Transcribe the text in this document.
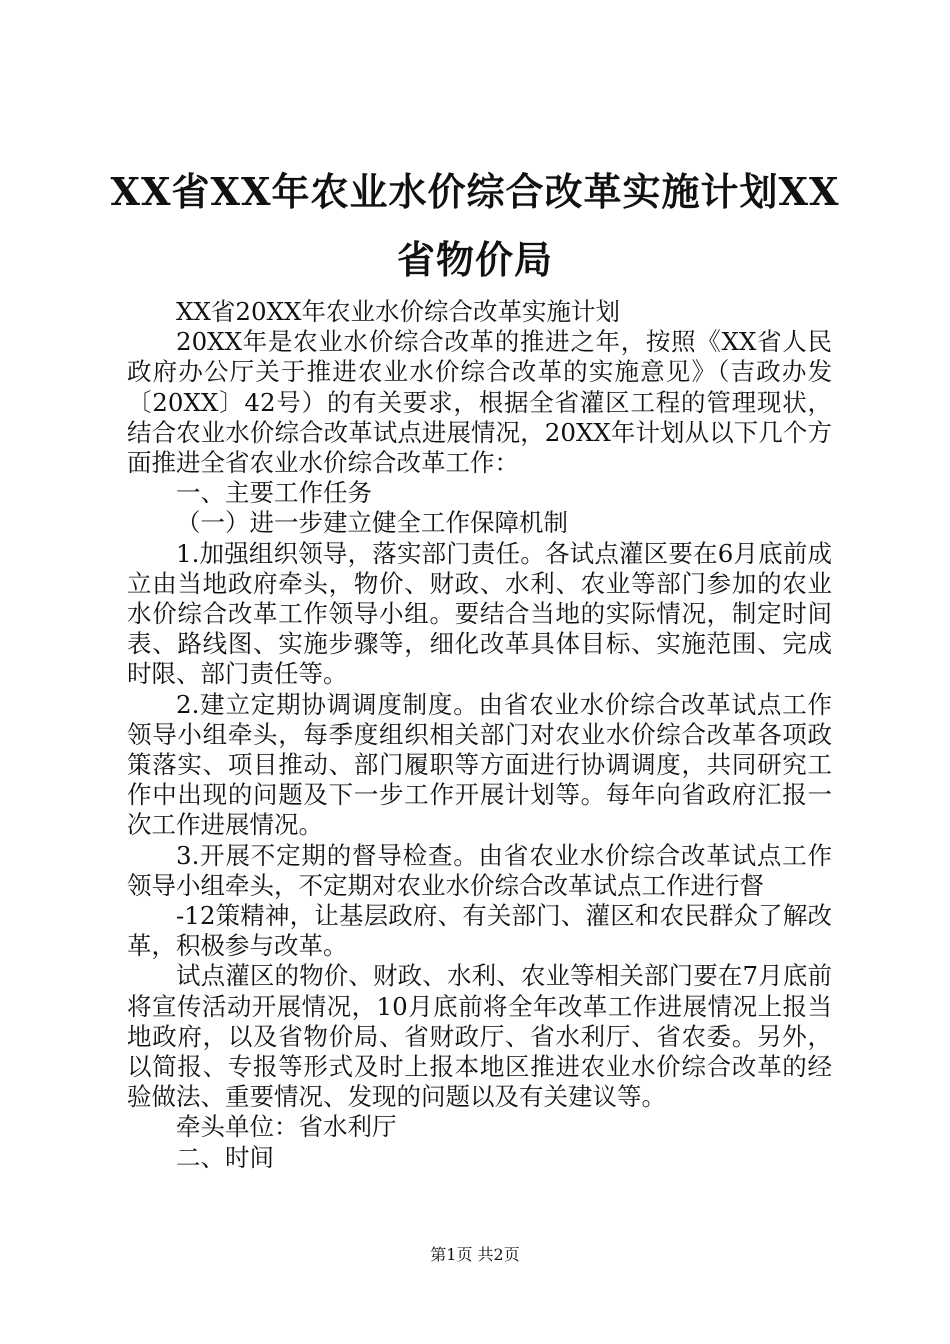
XX省XX年农业水价综合改革实施计划XX省物价局

XX省20XX年农业水价综合改革实施计划

20XX年是农业水价综合改革的推进之年，按照《XX省人民政府办公厅关于推进农业水价综合改革的实施意见》（吉政办发〔20XX〕42号）的有关要求，根据全省灌区工程的管理现状，结合农业水价综合改革试点进展情况，20XX年计划从以下几个方面推进全省农业水价综合改革工作：

一、主要工作任务

（一）进一步建立健全工作保障机制

1.加强组织领导，落实部门责任。各试点灌区要在6月底前成立由当地政府牵头，物价、财政、水利、农业等部门参加的农业水价综合改革工作领导小组。要结合当地的实际情况，制定时间表、路线图、实施步骤等，细化改革具体目标、实施范围、完成时限、部门责任等。

2.建立定期协调调度制度。由省农业水价综合改革试点工作领导小组牵头，每季度组织相关部门对农业水价综合改革各项政策落实、项目推动、部门履职等方面进行协调调度，共同研究工作中出现的问题及下一步工作开展计划等。每年向省政府汇报一次工作进展情况。

3.开展不定期的督导检查。由省农业水价综合改革试点工作领导小组牵头，不定期对农业水价综合改革试点工作进行督

-12策精神，让基层政府、有关部门、灌区和农民群众了解改革，积极参与改革。

试点灌区的物价、财政、水利、农业等相关部门要在7月底前将宣传活动开展情况，10月底前将全年改革工作进展情况上报当地政府，以及省物价局、省财政厅、省水利厅、省农委。另外，以简报、专报等形式及时上报本地区推进农业水价综合改革的经验做法、重要情况、发现的问题以及有关建议等。

牵头单位：省水利厅

二、时间

第1页 共2页
